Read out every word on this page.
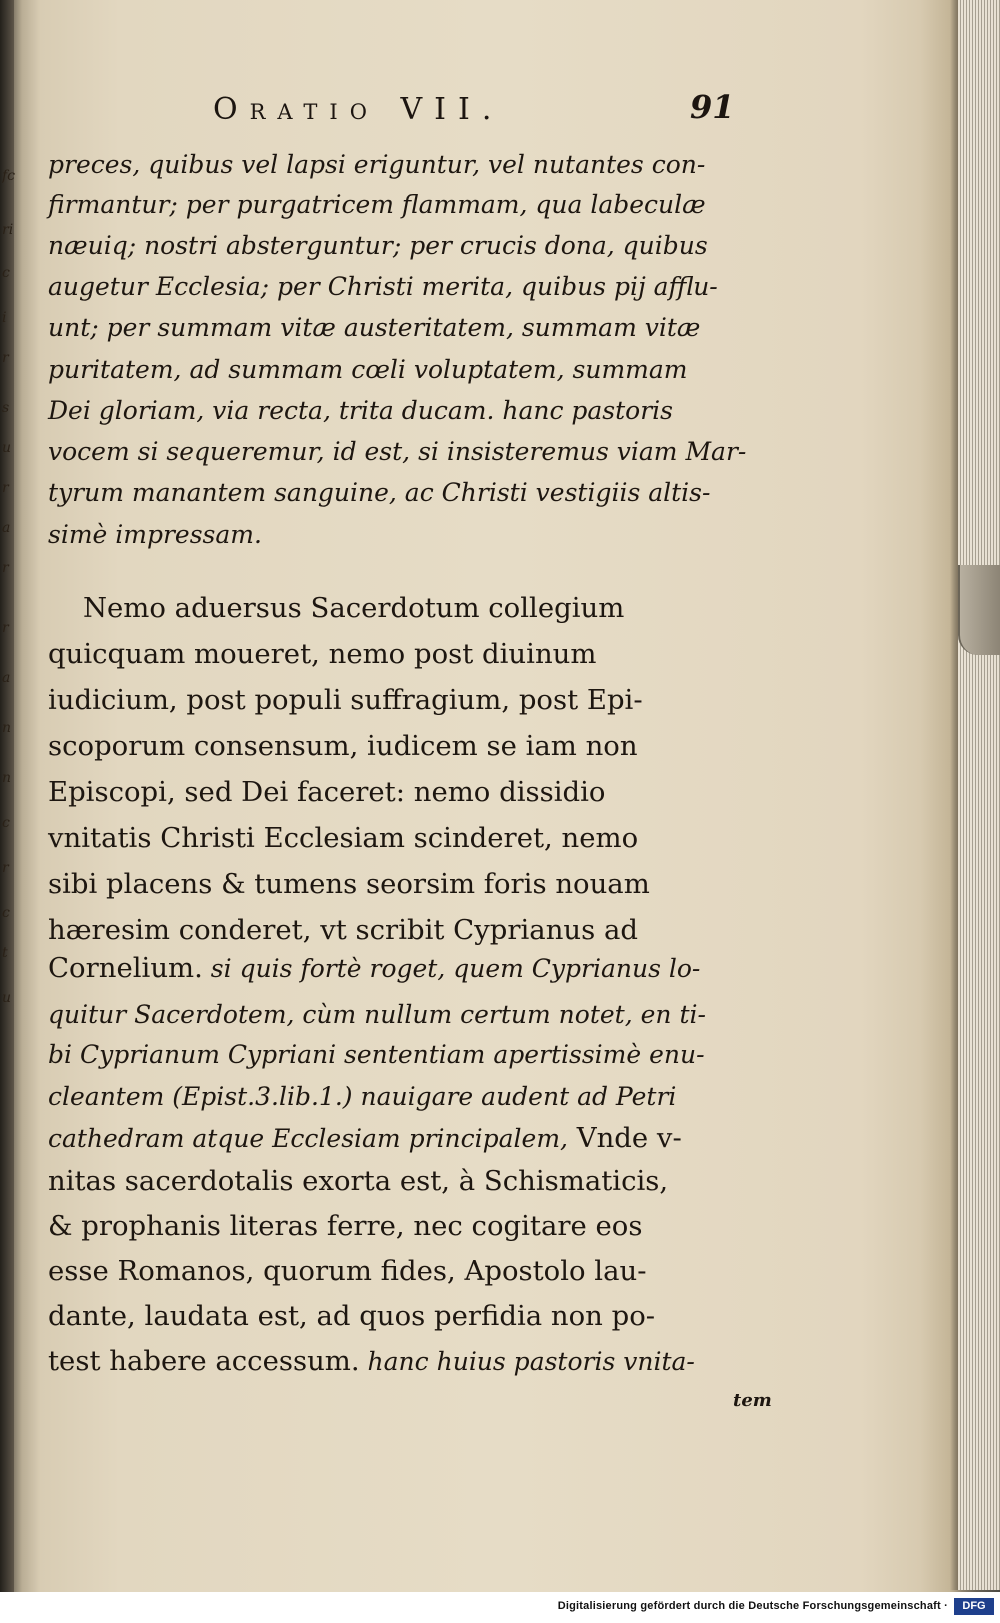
fc
ri
c
i
r
s
u
r
a
r
r
a
n
n
c
r
c
t
u
Oratio VII.	91
preces, quibus vel lapsi eriguntur, vel nutantes con-
firmantur; per purgatricem flammam, qua labeculæ
næuiq; nostri absterguntur; per crucis dona, quibus
augetur Ecclesia; per Christi merita, quibus pij afflu-
unt; per summam vitæ austeritatem, summam vitæ
puritatem, ad summam cœli voluptatem, summam
Dei gloriam, via recta, trita ducam. hanc pastoris
vocem si sequeremur, id est, si insisteremus viam Mar-
tyrum manantem sanguine, ac Christi vestigiis altis-
simè impressam.
Nemo aduersus Sacerdotum collegium
quicquam moueret, nemo post diuinum
iudicium, post populi suffragium, post Epi-
scoporum consensum, iudicem se iam non
Episcopi, sed Dei faceret: nemo dissidio
vnitatis Christi Ecclesiam scinderet, nemo
sibi placens & tumens seorsim foris nouam
hæresim conderet, vt scribit Cyprianus ad
Cornelium. si quis fortè roget, quem Cyprianus lo-
quitur Sacerdotem, cùm nullum certum notet, en ti-
bi Cyprianum Cypriani sententiam apertissimè enu-
cleantem (Epist.3.lib.1.) nauigare audent ad Petri
cathedram atque Ecclesiam principalem, Vnde v-
nitas sacerdotalis exorta est, à Schismaticis,
& prophanis literas ferre, nec cogitare eos
esse Romanos, quorum fides, Apostolo lau-
dante, laudata est, ad quos perfidia non po-
test habere accessum. hanc huius pastoris vnita-
tem
Digitalisierung gefördert durch die Deutsche Forschungsgemeinschaft ·	DFG
